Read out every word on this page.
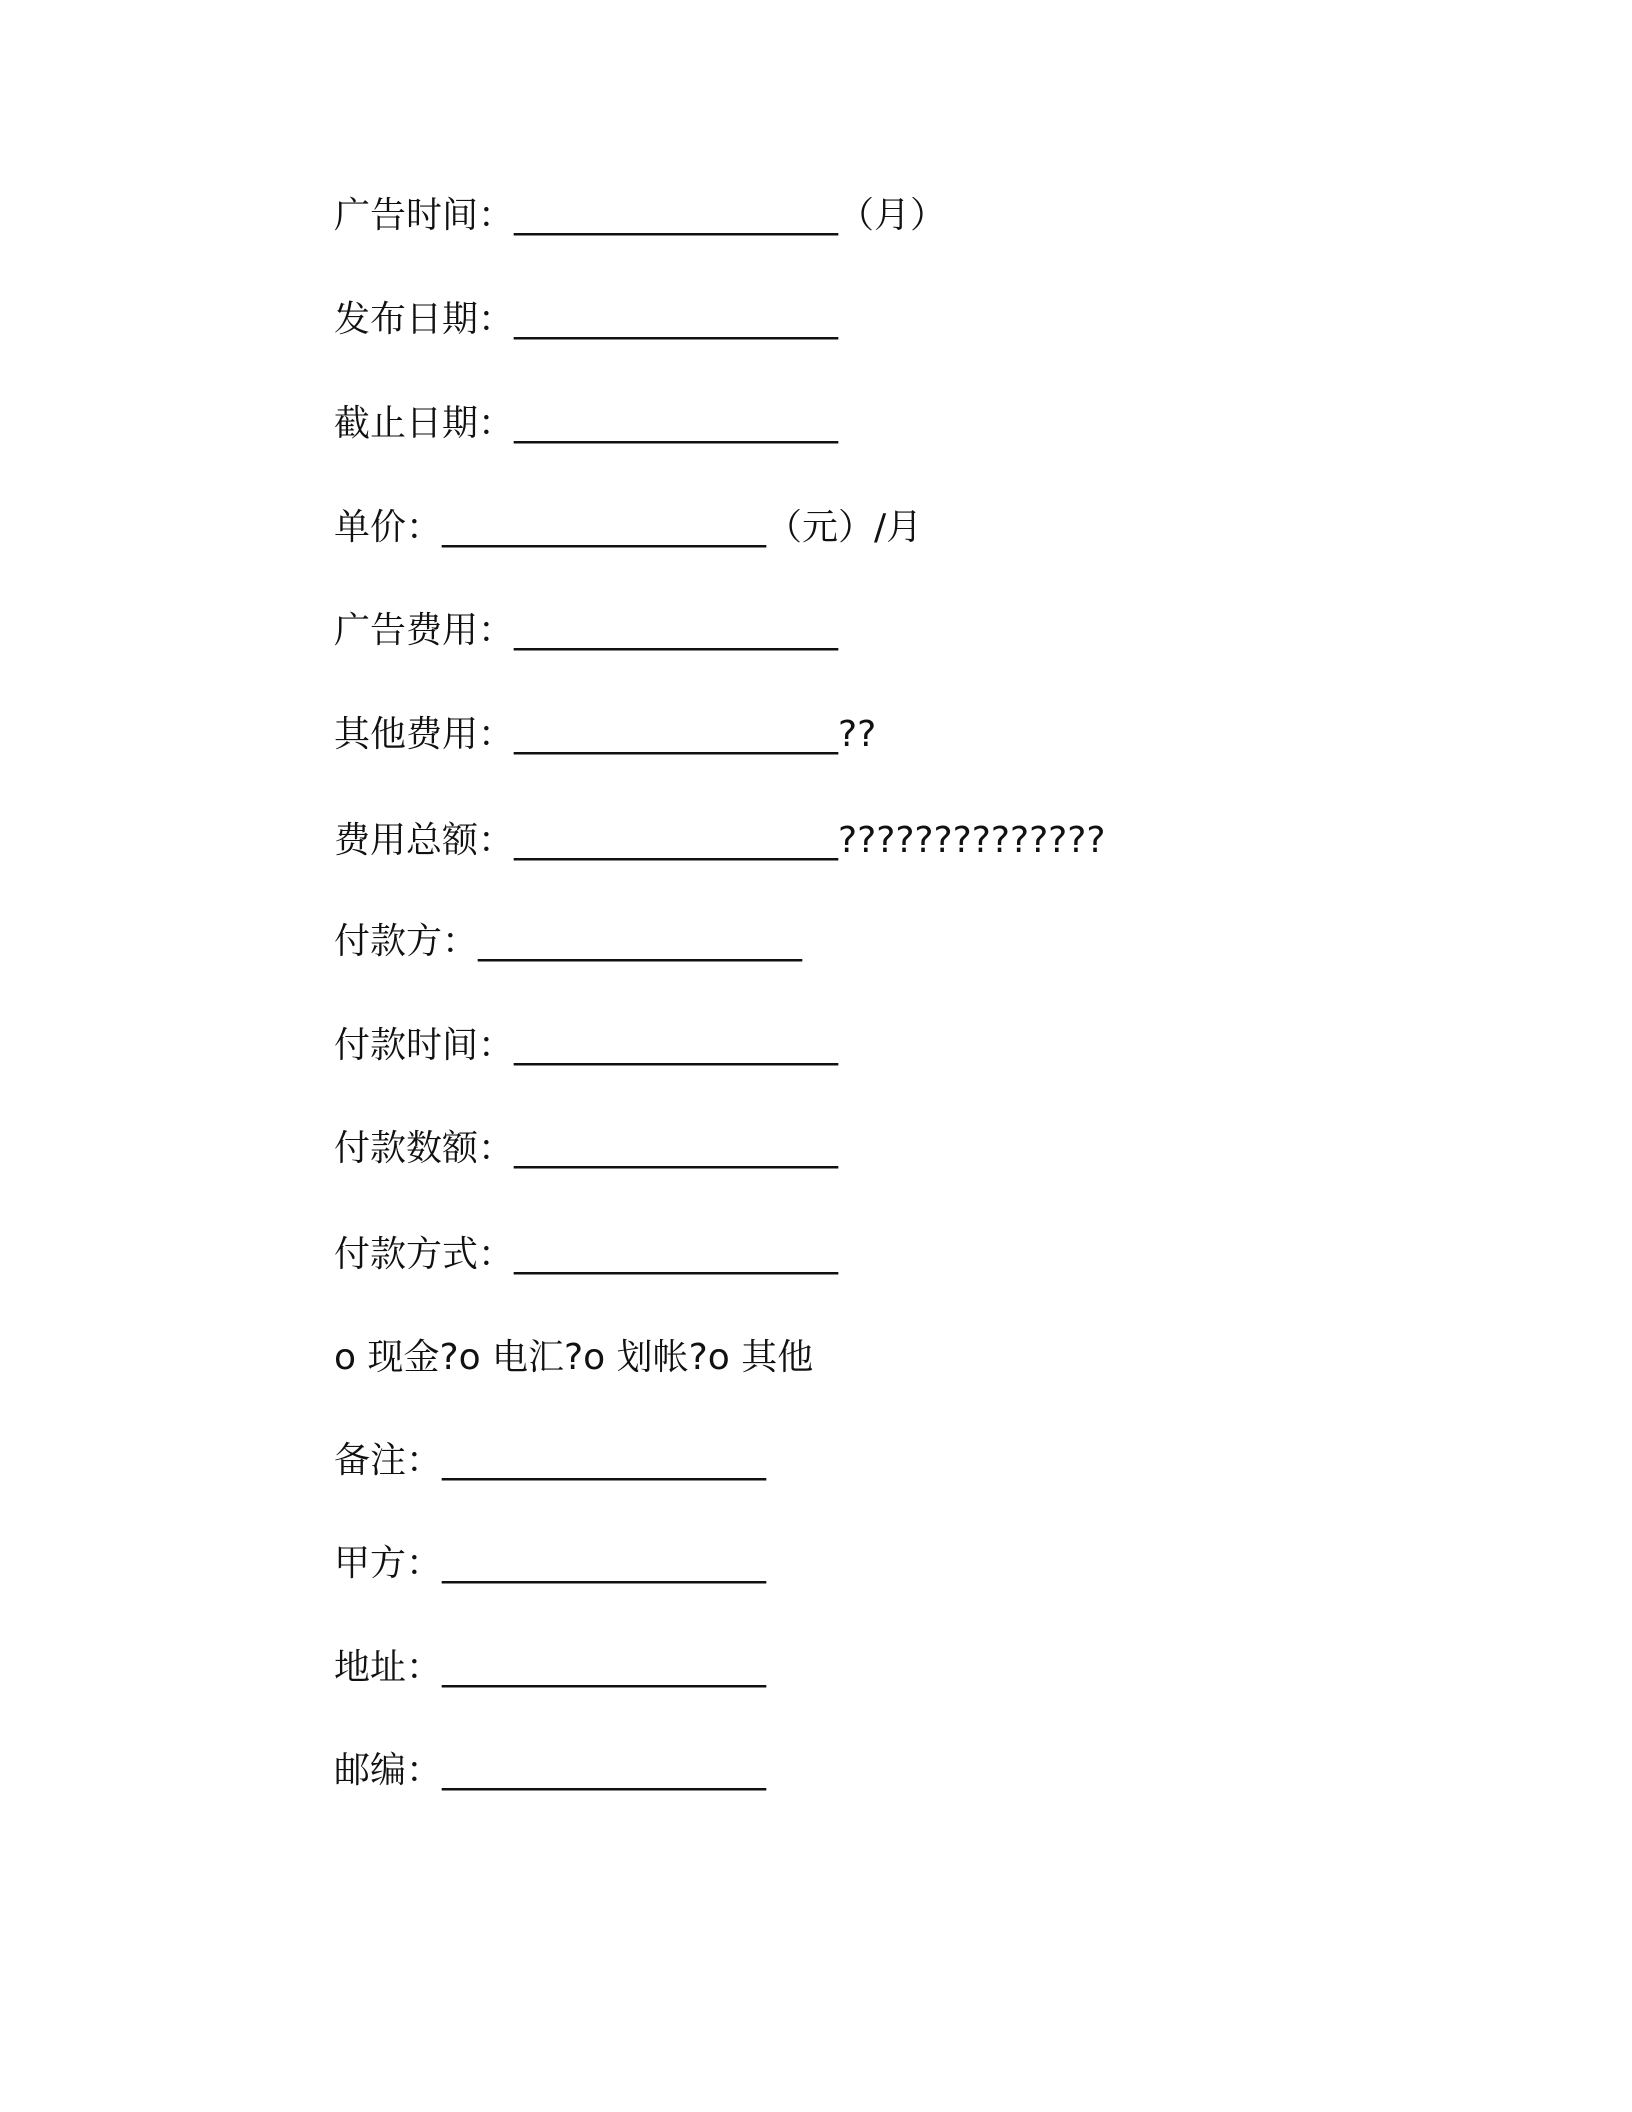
广告时间：__________________（月）
发布日期：__________________
截止日期：__________________
单价：__________________（元）/月
广告费用：__________________
其他费用：__________________??
费用总额：__________________??????????????
付款方：__________________
付款时间：__________________
付款数额：__________________
付款方式：__________________
o 现金?o 电汇?o 划帐?o 其他
备注：__________________
甲方：__________________
地址：__________________
邮编：__________________
